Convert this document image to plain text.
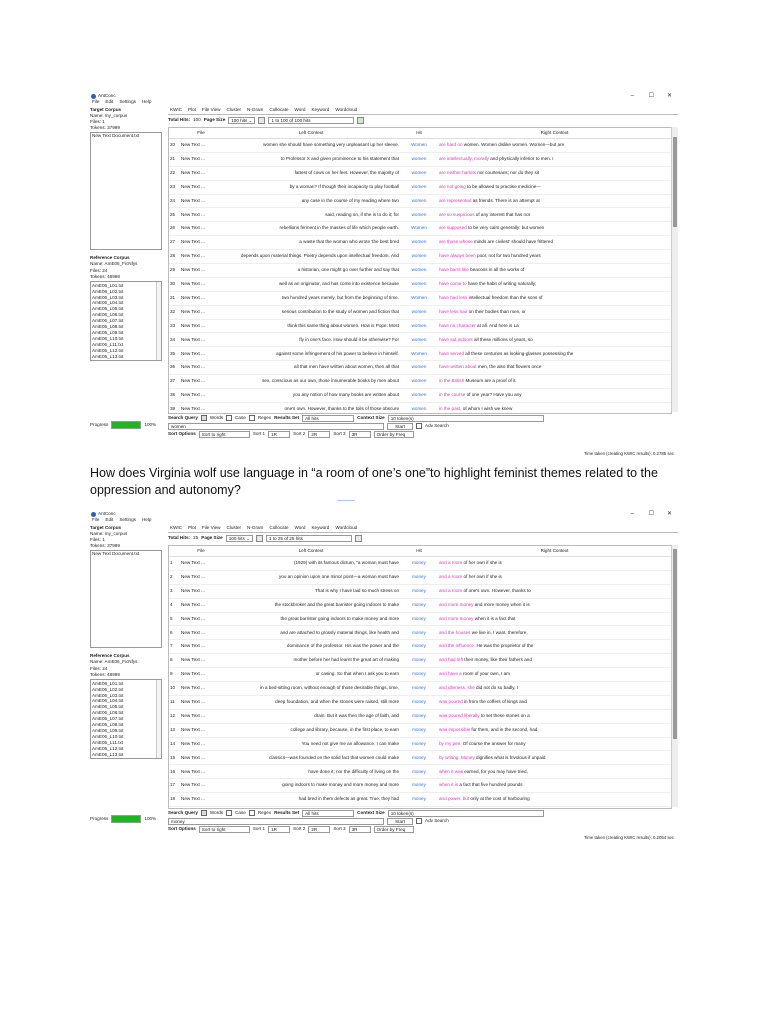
AntConc	– ☐ ✕
File Edit Settings Help
Target Corpus
Name: my_corpus
Files: 1
Tokens: 37999
New Text Document.txt
Reference Corpus
Name: AmE06_FicNfys
Files: 24
Tokens: 48998
AmE06_L01.txt
AmE06_L02.txt
AmE06_L03.txt
AmE06_L04.txt
AmE06_L05.txt
AmE06_L06.txt
AmE06_L07.txt
AmE06_L08.txt
AmE06_L09.txt
AmE06_L10.txt
AmE06_L11.txt
AmE06_L12.txt
AmE06_L13.txt
Progress	100%
KWIC Plot File View Cluster N-Gram Collocate Word Keyword Wordcloud
Total Hits: 100 Page Size	100 hits ⌄	1 to 100 of 100 hits
	File	Left Context	Hit	Right Context
20	New Text ...	women she should have something very unpleasant up her sleeve.	Women	are hard on women. Women dislike women. Women—but are
21	New Text ...	to Professor X and given prominence to his statement that	women	are intellectually, morally and physically inferior to men. I
22	New Text ...	fattest of cows on her feet. However, the majority of	women	are neither harlots nor courtesans; nor do they sit
23	New Text ...	by a woman? If though their incapacity to play football	women	are not going to be allowed to practise medicine—
24	New Text ...	any case in the course of my reading where two	women	are represented as friends. There is an attempt at
25	New Text ...	said, reading on, if she is to do it; for	women	are so suspicious of any interest that has not
26	New Text ...	rebellions ferment in the masses of life which people earth.	Women	are supposed to be very calm generally: but women
27	New Text ...	a waste that the woman who wrote 'the best bred	women	are those whose minds are civilest' should have frittered
28	New Text ...	depends upon material things. Poetry depends upon intellectual freedom. And	women	have always been poor, not for two hundred years
29	New Text ...	a historian, one might go over further and say that	women	have burnt like beacons in all the works of
30	New Text ...	well as an originator, and has come into existence because	women	have come to have the habit of writing naturally;
31	New Text ...	two hundred years merely, but from the beginning of time.	Women	have had less intellectual freedom than the sons of
32	New Text ...	serious contribution to the study of women and fiction that	women	have less hair on their bodies than men, or
33	New Text ...	think this same thing about women. How is Pope: Most	women	have no character at all. And here is La
34	New Text ...	fly in one's face. How should it be otherwise? For	women	have sat indoors all these millions of years, so
35	New Text ...	against some infringement of his power to believe in himself.	Women	have served all these centuries as looking-glasses possessing the
36	New Text ...	all that men have written about women, then all that	women	have written about men, the also that flowers once
37	New Text ...	sex, conscious as our own, those innumerable books by men about	women	in the British Museum are a proof of it.
38	New Text ...	you any notion of how many books are written about	women	in the course of one year? Have you any
39	New Text ...	one's own. However, thanks to the toils of those obscure	women	in the past, of whom I wish we knew
Search Query	Words	Case	Regex Results Set	All hits	Context Size	10 token(s)
women	Start	Adv Search
Sort Options	Sort to right	Sort 1	1R	Sort 2	2R	Sort 3	3R	Order by Freq
Time taken (creating KWIC results): 0.2785 sec
How does Virginia wolf use language in “a room of one’s one”to highlight feminist themes related to the oppression and autonomy?
AntConc	– ☐ ✕
File Edit Settings Help
Target Corpus
Name: my_corpus
Files: 1
Tokens: 37999
New Text Document.txt
Reference Corpus
Name: AmE06_FicNfys
Files: 24
Tokens: 48998
AmE06_L01.txt
AmE06_L02.txt
AmE06_L03.txt
AmE06_L04.txt
AmE06_L05.txt
AmE06_L06.txt
AmE06_L07.txt
AmE06_L08.txt
AmE06_L09.txt
AmE06_L10.txt
AmE06_L11.txt
AmE06_L12.txt
AmE06_L13.txt
Progress	100%
KWIC Plot File View Cluster N-Gram Collocate Word Keyword Wordcloud
Total Hits: 25 Page Size	100 hits ⌄	1 to 25 of 25 hits
	File	Left Context	Hit	Right Context
1	New Text ...	(1929) with its famous dictum, "a woman must have	money	and a room of her own if she is
2	New Text ...	you an opinion upon one minor point—a woman must have	money	and a room of her own if she is
3	New Text ...	That is why I have laid so much stress on	money	and a room of one's own. However, thanks to
4	New Text ...	the stockbroker and the great barrister going indoors to make	money	and more money and more money when it is
5	New Text ...	the great barrister going indoors to make money and more	money	and more money when it is a fact that
6	New Text ...	and are attached to grossly material things, like health and	money	and the houses we live in. I want, therefore,
7	New Text ...	dominance of the professor. His was the power and the	money	and the influence. He was the proprietor of the
8	New Text ...	mother before her had learnt the great art of making	money	and had left their money, like their fathers and
9	New Text ...	or casing. So that when I ask you to earn	money	and have a room of your own, I am
10	New Text ...	in a bed-sitting room, without enough of those desirable things, time,	money	and idleness, she did not do so badly, I
11	New Text ...	deep foundation, and when the stones were raised, still more	money	was poured in from the coffers of kings and
12	New Text ...	drain. But it was then the age of faith, and	money	was poured liberally to set these stones on a
13	New Text ...	college and library, because, in the first place, to earn	money	was impossible for them, and in the second, had
14	New Text ...	You need not give me an allowance. I can make	money	by my pen. Of course the answer for many
15	New Text ...	classics—was founded on the solid fact that women could make	money	by writing. Money dignifies what is frivolous if unpaid
16	New Text ...	have done it; nor the difficulty of living on the	money	when it was earned, for you may have tried,
17	New Text ...	going indoors to make money and more money and more	money	when it is a fact that five hundred pounds
18	New Text ...	had bred in them defects as great. True, they had	money	and power, but only at the cost of harbouring

Search Query	Words	Case	Regex Results Set	All hits	Context Size	10 token(s)
money	Start	Adv Search
Sort Options	Sort to right	Sort 1	1R	Sort 2	2R	Sort 3	3R	Order by Freq
Time taken (creating KWIC results): 0.2054 sec
